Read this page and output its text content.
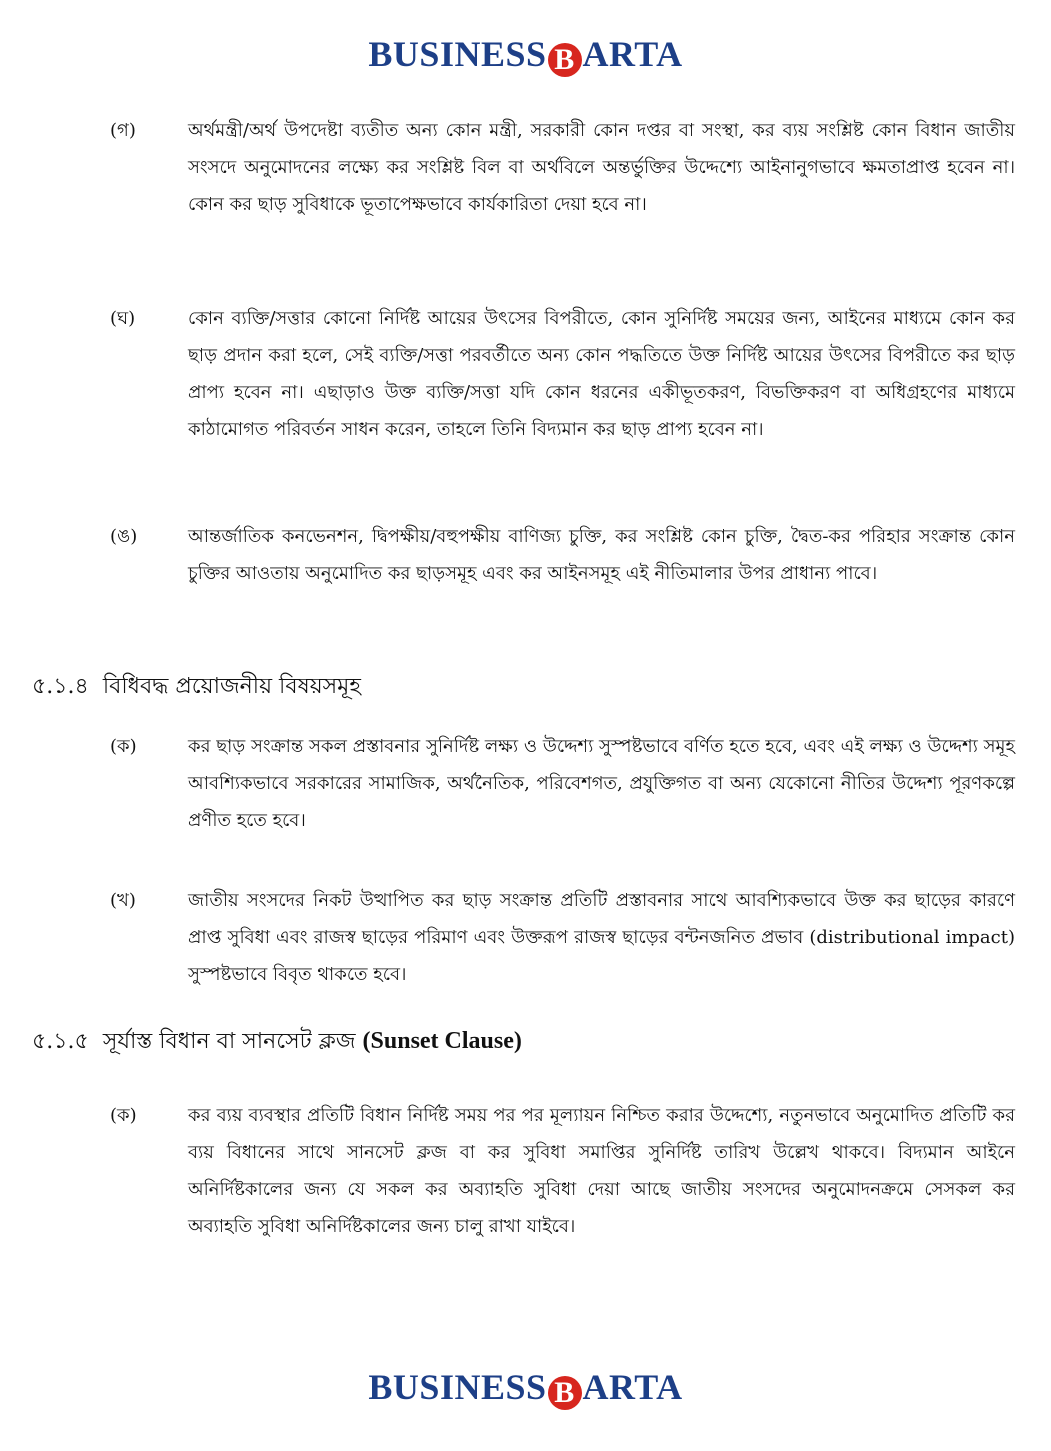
BUSINESS B ARTA
(গ)	অর্থমন্ত্রী/অর্থ উপদেষ্টা ব্যতীত অন্য কোন মন্ত্রী, সরকারী কোন দপ্তর বা সংস্থা, কর ব্যয় সংশ্লিষ্ট কোন বিধান জাতীয় সংসদে অনুমোদনের লক্ষ্যে কর সংশ্লিষ্ট বিল বা অর্থবিলে অন্তর্ভুক্তির উদ্দেশ্যে আইনানুগভাবে ক্ষমতাপ্রাপ্ত হবেন না। কোন কর ছাড় সুবিধাকে ভূতাপেক্ষভাবে কার্যকারিতা দেয়া হবে না।
(ঘ)	কোন ব্যক্তি/সত্তার কোনো নির্দিষ্ট আয়ের উৎসের বিপরীতে, কোন সুনির্দিষ্ট সময়ের জন্য, আইনের মাধ্যমে কোন কর ছাড় প্রদান করা হলে, সেই ব্যক্তি/সত্তা পরবর্তীতে অন্য কোন পদ্ধতিতে উক্ত নির্দিষ্ট আয়ের উৎসের বিপরীতে কর ছাড় প্রাপ্য হবেন না। এছাড়াও উক্ত ব্যক্তি/সত্তা যদি কোন ধরনের একীভূতকরণ, বিভক্তিকরণ বা অধিগ্রহণের মাধ্যমে কাঠামোগত পরিবর্তন সাধন করেন, তাহলে তিনি বিদ্যমান কর ছাড় প্রাপ্য হবেন না।
(ঙ)	আন্তর্জাতিক কনভেনশন, দ্বিপক্ষীয়/বহুপক্ষীয় বাণিজ্য চুক্তি, কর সংশ্লিষ্ট কোন চুক্তি, দ্বৈত-কর পরিহার সংক্রান্ত কোন চুক্তির আওতায় অনুমোদিত কর ছাড়সমূহ এবং কর আইনসমূহ এই নীতিমালার উপর প্রাধান্য পাবে।
৫.১.৪ বিধিবদ্ধ প্রয়োজনীয় বিষয়সমূহ
(ক)	কর ছাড় সংক্রান্ত সকল প্রস্তাবনার সুনির্দিষ্ট লক্ষ্য ও উদ্দেশ্য সুস্পষ্টভাবে বর্ণিত হতে হবে, এবং এই লক্ষ্য ও উদ্দেশ্য সমূহ আবশ্যিকভাবে সরকারের সামাজিক, অর্থনৈতিক, পরিবেশগত, প্রযুক্তিগত বা অন্য যেকোনো নীতির উদ্দেশ্য পূরণকল্পে প্রণীত হতে হবে।
(খ)	জাতীয় সংসদের নিকট উত্থাপিত কর ছাড় সংক্রান্ত প্রতিটি প্রস্তাবনার সাথে আবশ্যিকভাবে উক্ত কর ছাড়ের কারণে প্রাপ্ত সুবিধা এবং রাজস্ব ছাড়ের পরিমাণ এবং উক্তরূপ রাজস্ব ছাড়ের বন্টনজনিত প্রভাব (distributional impact) সুস্পষ্টভাবে বিবৃত থাকতে হবে।
৫.১.৫ সূর্যাস্ত বিধান বা সানসেট ক্লজ (Sunset Clause)
(ক)	কর ব্যয় ব্যবস্থার প্রতিটি বিধান নির্দিষ্ট সময় পর পর মূল্যায়ন নিশ্চিত করার উদ্দেশ্যে, নতুনভাবে অনুমোদিত প্রতিটি কর ব্যয় বিধানের সাথে সানসেট ক্লজ বা কর সুবিধা সমাপ্তির সুনির্দিষ্ট তারিখ উল্লেখ থাকবে। বিদ্যমান আইনে অনির্দিষ্টকালের জন্য যে সকল কর অব্যাহতি সুবিধা দেয়া আছে জাতীয় সংসদের অনুমোদনক্রমে সেসকল কর অব্যাহতি সুবিধা অনির্দিষ্টকালের জন্য চালু রাখা যাইবে।
BUSINESS B ARTA
